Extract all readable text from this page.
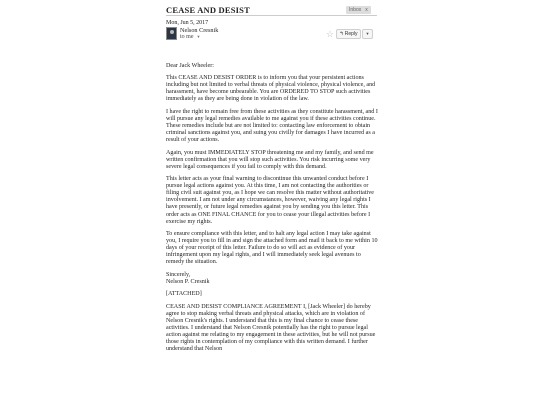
CEASE AND DESIST	Inbox x
Mon, Jun 5, 2017
Nelson Cresnik
to me ▼	☆	↰Reply	▼

Dear Jack Wheeler:

This CEASE AND DESIST ORDER is to inform you that your persistent actions including but not limited to verbal threats of physical violence, physical violence, and harassment, have become unbearable. You are ORDERED TO STOP such activities immediately as they are being done in violation of the law.

I have the right to remain free from these activities as they constitute harassment, and I will pursue any legal remedies available to me against you if these activities continue. These remedies include but are not limited to: contacting law enforcement to obtain criminal sanctions against you, and suing you civilly for damages I have incurred as a result of your actions.

Again, you must IMMEDIATELY STOP threatening me and my family, and send me written confirmation that you will stop such activities. You risk incurring some very severe legal consequences if you fail to comply with this demand.

This letter acts as your final warning to discontinue this unwanted conduct before I pursue legal actions against you. At this time, I am not contacting the authorities or filing civil suit against you, as I hope we can resolve this matter without authoritative involvement. I am not under any circumstances, however, waiving any legal rights I have presently, or future legal remedies against you by sending you this letter. This order acts as ONE FINAL CHANCE for you to cease your illegal activities before I exercise my rights.

To ensure compliance with this letter, and to halt any legal action I may take against you, I require you to fill in and sign the attached form and mail it back to me within 10 days of your receipt of this letter. Failure to do so will act as evidence of your infringement upon my legal rights, and I will immediately seek legal avenues to remedy the situation.

Sincerely,
Nelson P. Cresnik

[ATTACHED]

CEASE AND DESIST COMPLIANCE AGREEMENT I, [Jack Wheeler] do hereby agree to stop making verbal threats and physical attacks, which are in violation of Nelson Cresnik's rights. I understand that this is my final chance to cease these activities. I understand that Nelson Cresnik potentially has the right to pursue legal action against me relating to my engagement in these activities, but he will not pursue those rights in contemplation of my compliance with this written demand. I further understand that Nelson
